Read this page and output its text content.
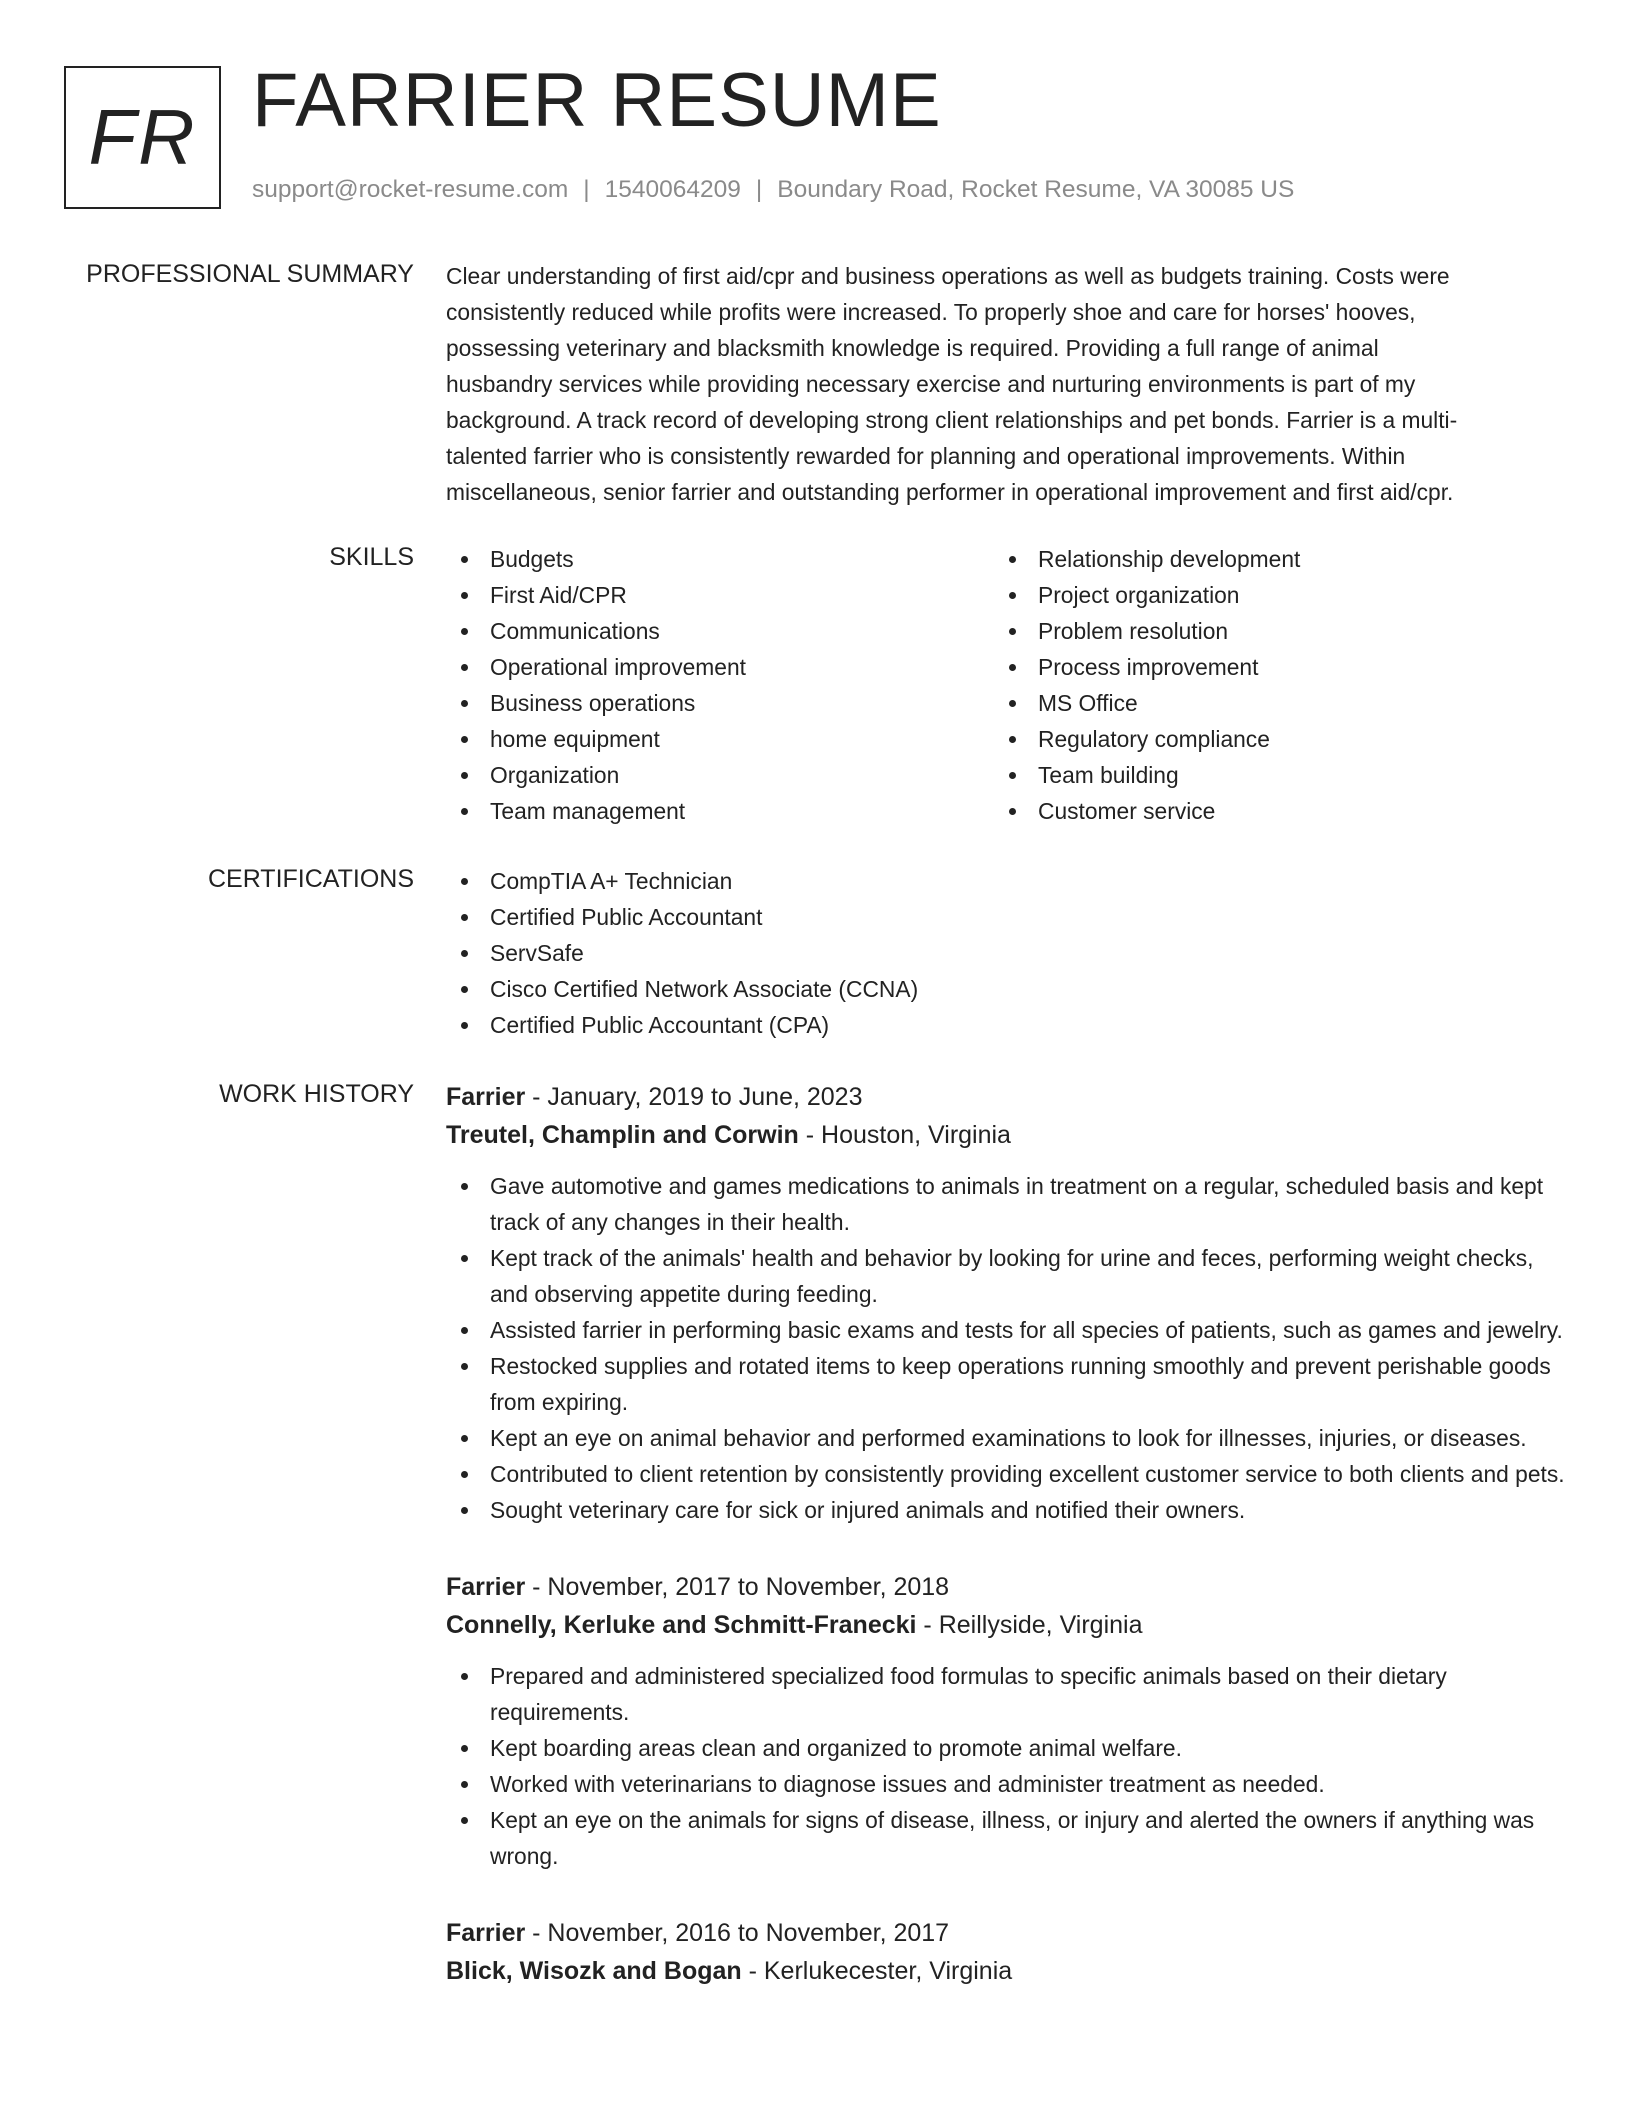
FR FARRIER RESUME
support@rocket-resume.com | 1540064209 | Boundary Road, Rocket Resume, VA 30085 US
PROFESSIONAL SUMMARY Clear understanding of first aid/cpr and business operations as well as budgets training. Costs were
consistently reduced while profits were increased. To properly shoe and care for horses' hooves,
possessing veterinary and blacksmith knowledge is required. Providing a full range of animal
husbandry services while providing necessary exercise and nurturing environments is part of my
background. A track record of developing strong client relationships and pet bonds. Farrier is a multi-
talented farrier who is consistently rewarded for planning and operational improvements. Within
miscellaneous, senior farrier and outstanding performer in operational improvement and first aid/cpr.
SKILLS	Budgets
First Aid/CPR
Communications
Operational improvement
Business operations
home equipment
Organization
Team management
Relationship development
Project organization
Problem resolution
Process improvement
MS Office
Regulatory compliance
Team building
Customer service
CERTIFICATIONS	CompTIA A+ Technician
Certified Public Accountant
ServSafe
Cisco Certified Network Associate (CCNA)
Certified Public Accountant (CPA)
WORK HISTORY Farrier - January, 2019 to June, 2023
Treutel, Champlin and Corwin - Houston, Virginia
Gave automotive and games medications to animals in treatment on a regular, scheduled basis and kept track of any changes in their health.
Kept track of the animals' health and behavior by looking for urine and feces, performing weight checks, and observing appetite during feeding.
Assisted farrier in performing basic exams and tests for all species of patients, such as games and jewelry.
Restocked supplies and rotated items to keep operations running smoothly and prevent perishable goods from expiring.
Kept an eye on animal behavior and performed examinations to look for illnesses, injuries, or diseases.
Contributed to client retention by consistently providing excellent customer service to both clients and pets.
Sought veterinary care for sick or injured animals and notified their owners.
Farrier - November, 2017 to November, 2018
Connelly, Kerluke and Schmitt-Franecki - Reillyside, Virginia
Prepared and administered specialized food formulas to specific animals based on their dietary requirements.
Kept boarding areas clean and organized to promote animal welfare.
Worked with veterinarians to diagnose issues and administer treatment as needed.
Kept an eye on the animals for signs of disease, illness, or injury and alerted the owners if anything was wrong.
Farrier - November, 2016 to November, 2017
Blick, Wisozk and Bogan - Kerlukecester, Virginia
